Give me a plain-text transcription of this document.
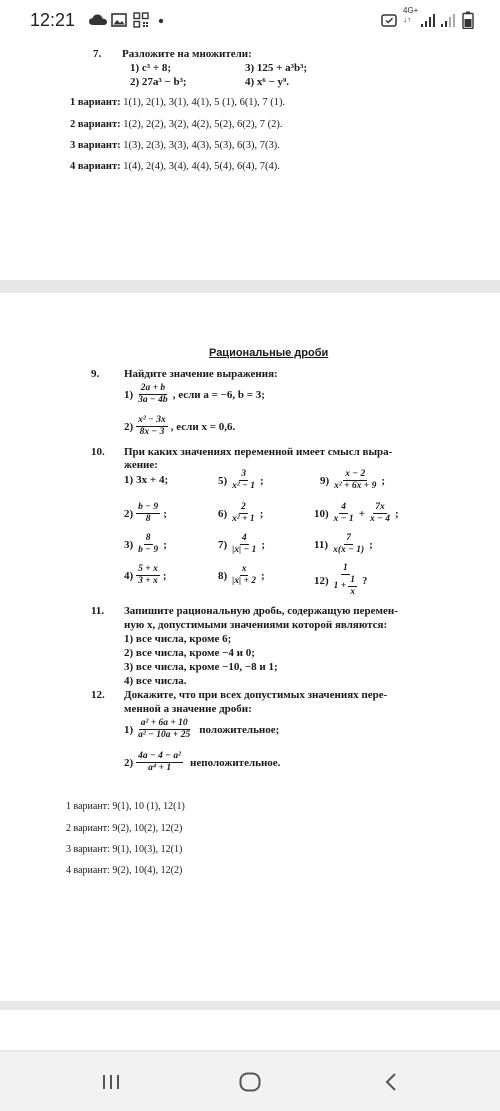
12:21	4G+
↓↑
7. Разложите на множители:
1) c³ + 8;	3) 125 + a³b³;
2) 27a³ − b³;	4) x⁶ − y⁹.
1 вариант: 1(1), 2(1), 3(1), 4(1), 5 (1), 6(1), 7 (1).
2 вариант: 1(2), 2(2), 3(2), 4(2), 5(2), 6(2), 7 (2).
3 вариант: 1(3), 2(3), 3(3), 4(3), 5(3), 6(3), 7(3).
4 вариант: 1(4), 2(4), 3(4), 4(4), 5(4), 6(4), 7(4).
Рациональные дроби
9. Найдите значение выражения:
$1) \frac{2a + b}{3a - 4b}$ , если a = −6, b = 3;
$2) \frac{\text{x² − 3x}}{8x - 3}$ , если x = 0,6.
10. При каких значениях переменной имеет смысл выра-
жение:
1) 3x + 4;	$5) \frac{3}{\text{x² − 1}}$ ;	$9) \frac{x - 2}{\text{x² + 6x + 9}}$ ;
$2) \frac{b - 9}{8}$ ;	$6) \frac{2}{\text{x² + 1}}$ ;	$10) \frac{4}{x - 1} + \frac{7x}{x - 4}$ ;
$3) \frac{8}{b - 9}$ ;	$7) \frac{4}{|x| - 1}$ ;	$11) \frac{7}{x(x - 1)}$ ;
$4) \frac{5 + x}{3 + x}$ ;	$8) \frac{x}{|x| + 2}$ ;	$12) \frac{1}{1 + \frac{1}{x}}$ ?
11. Запишите рациональную дробь, содержащую перемен-
ную x, допустимыми значениями которой являются:
1) все числа, кроме 6;
2) все числа, кроме −4 и 0;
3) все числа, кроме −10, −8 и 1;
4) все числа.
12. Докажите, что при всех допустимых значениях пере-
менной a значение дроби:
$1) \frac{\text{a² + 6a + 10}}{\text{a² − 10a + 25}}$ положительное;
$2) \frac{\text{4a − 4 − a²}}{\text{a⁴ + 1}}$ неположительное.
1 вариант: 9(1), 10 (1), 12(1)
2 вариант: 9(2), 10(2), 12(2)
3 вариант: 9(1), 10(3), 12(1)
4 вариант: 9(2), 10(4), 12(2)
